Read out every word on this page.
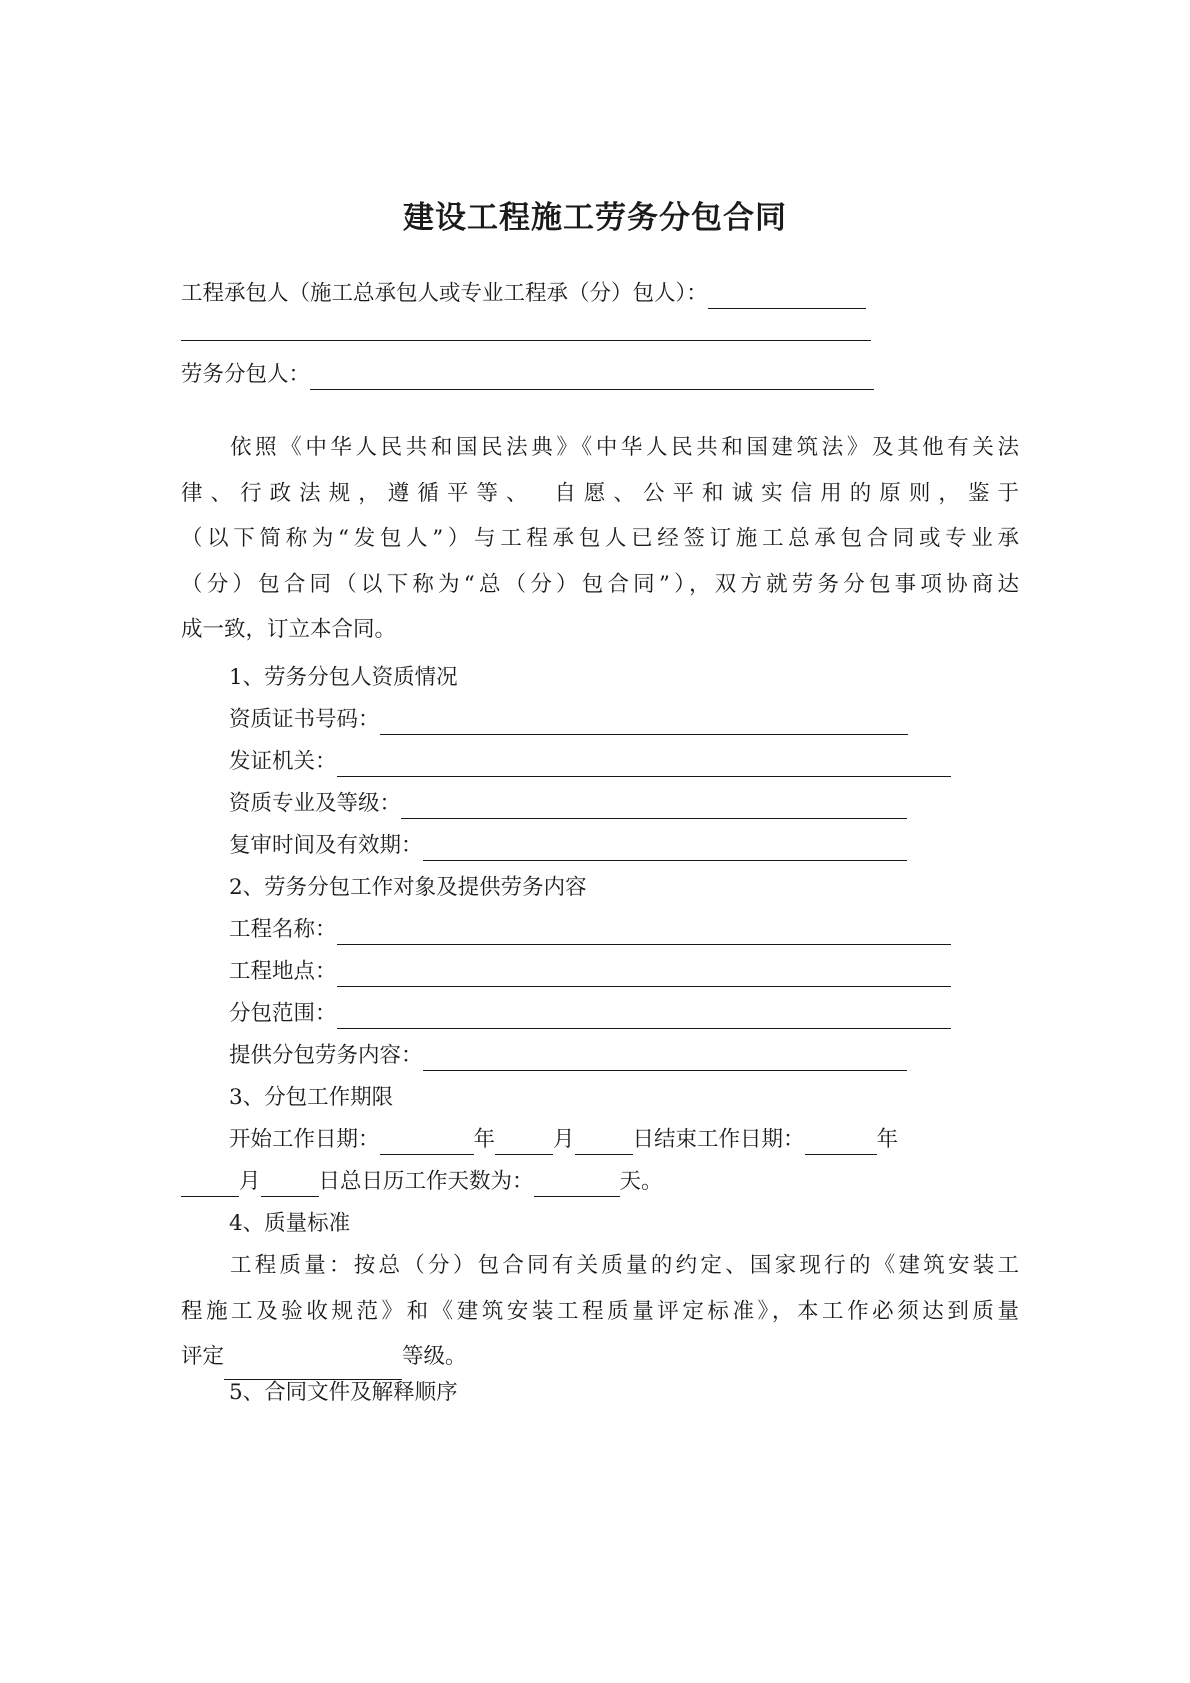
建设工程施工劳务分包合同
工程承包人（施工总承包人或专业工程承（分）包人）：
劳务分包人：
依照《中华人民共和国民法典》《中华人民共和国建筑法》及其他有关法
律、行政法规，遵循平等、　自愿、公平和诚实信用的原则，鉴于
（以下简称为“发包人”）与工程承包人已经签订施工总承包合同或专业承
（分）包合同（以下称为“总（分）包合同”），双方就劳务分包事项协商达
成一致，订立本合同。
1、劳务分包人资质情况
资质证书号码：
发证机关：
资质专业及等级：
复审时间及有效期：
2、劳务分包工作对象及提供劳务内容
工程名称：
工程地点：
分包范围：
提供分包劳务内容：
3、分包工作期限
开始工作日期：	年	月	日结束工作日期：	年
月	日总日历工作天数为：	天。
4、质量标准
工程质量：按总（分）包合同有关质量的约定、国家现行的《建筑安装工
程施工及验收规范》和《建筑安装工程质量评定标准》，本工作必须达到质量
评定	等级。
5、合同文件及解释顺序
